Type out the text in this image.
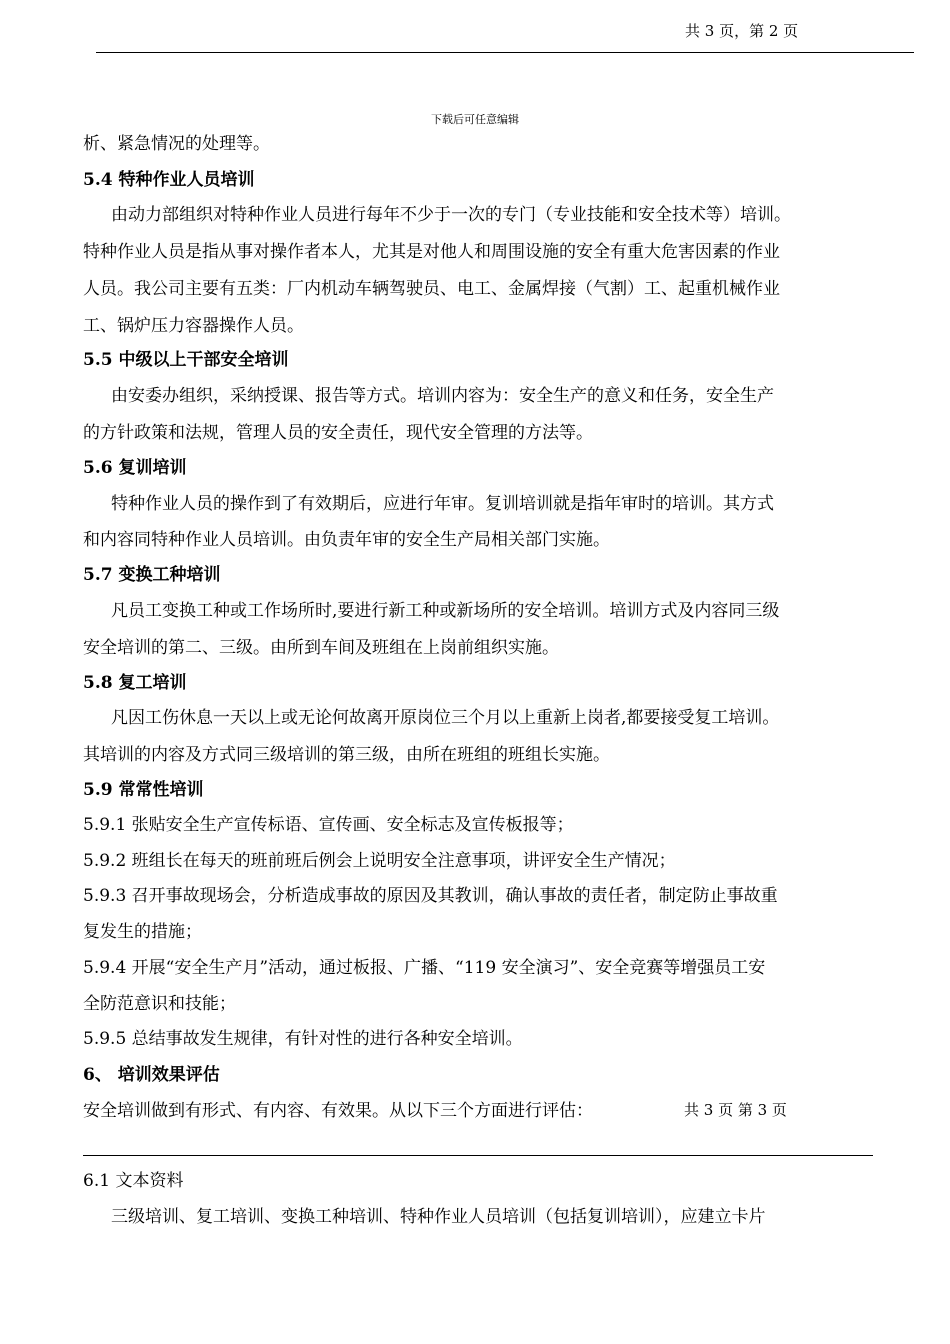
共 3 页，第 2 页
下载后可任意编辑
析、紧急情况的处理等。
5.4 特种作业人员培训
由动力部组织对特种作业人员进行每年不少于一次的专门（专业技能和安全技术等）培训。
特种作业人员是指从事对操作者本人，尤其是对他人和周围设施的安全有重大危害因素的作业
人员。我公司主要有五类：厂内机动车辆驾驶员、电工、金属焊接（气割）工、起重机械作业
工、锅炉压力容器操作人员。
5.5 中级以上干部安全培训
由安委办组织，采纳授课、报告等方式。培训内容为：安全生产的意义和任务，安全生产
的方针政策和法规，管理人员的安全责任，现代安全管理的方法等。
5.6 复训培训
特种作业人员的操作到了有效期后，应进行年审。复训培训就是指年审时的培训。其方式
和内容同特种作业人员培训。由负责年审的安全生产局相关部门实施。
5.7 变换工种培训
凡员工变换工种或工作场所时,要进行新工种或新场所的安全培训。培训方式及内容同三级
安全培训的第二、三级。由所到车间及班组在上岗前组织实施。
5.8 复工培训
凡因工伤休息一天以上或无论何故离开原岗位三个月以上重新上岗者,都要接受复工培训。
其培训的内容及方式同三级培训的第三级，由所在班组的班组长实施。
5.9 常常性培训
5.9.1 张贴安全生产宣传标语、宣传画、安全标志及宣传板报等；
5.9.2 班组长在每天的班前班后例会上说明安全注意事项，讲评安全生产情况；
5.9.3 召开事故现场会，分析造成事故的原因及其教训，确认事故的责任者，制定防止事故重
复发生的措施；
5.9.4 开展“安全生产月”活动，通过板报、广播、“119 安全演习”、安全竞赛等增强员工安
全防范意识和技能；
5.9.5 总结事故发生规律，有针对性的进行各种安全培训。
6、 培训效果评估
安全培训做到有形式、有内容、有效果。从以下三个方面进行评估：	共 3 页 第 3 页
6.1 文本资料
三级培训、复工培训、变换工种培训、特种作业人员培训（包括复训培训），应建立卡片
